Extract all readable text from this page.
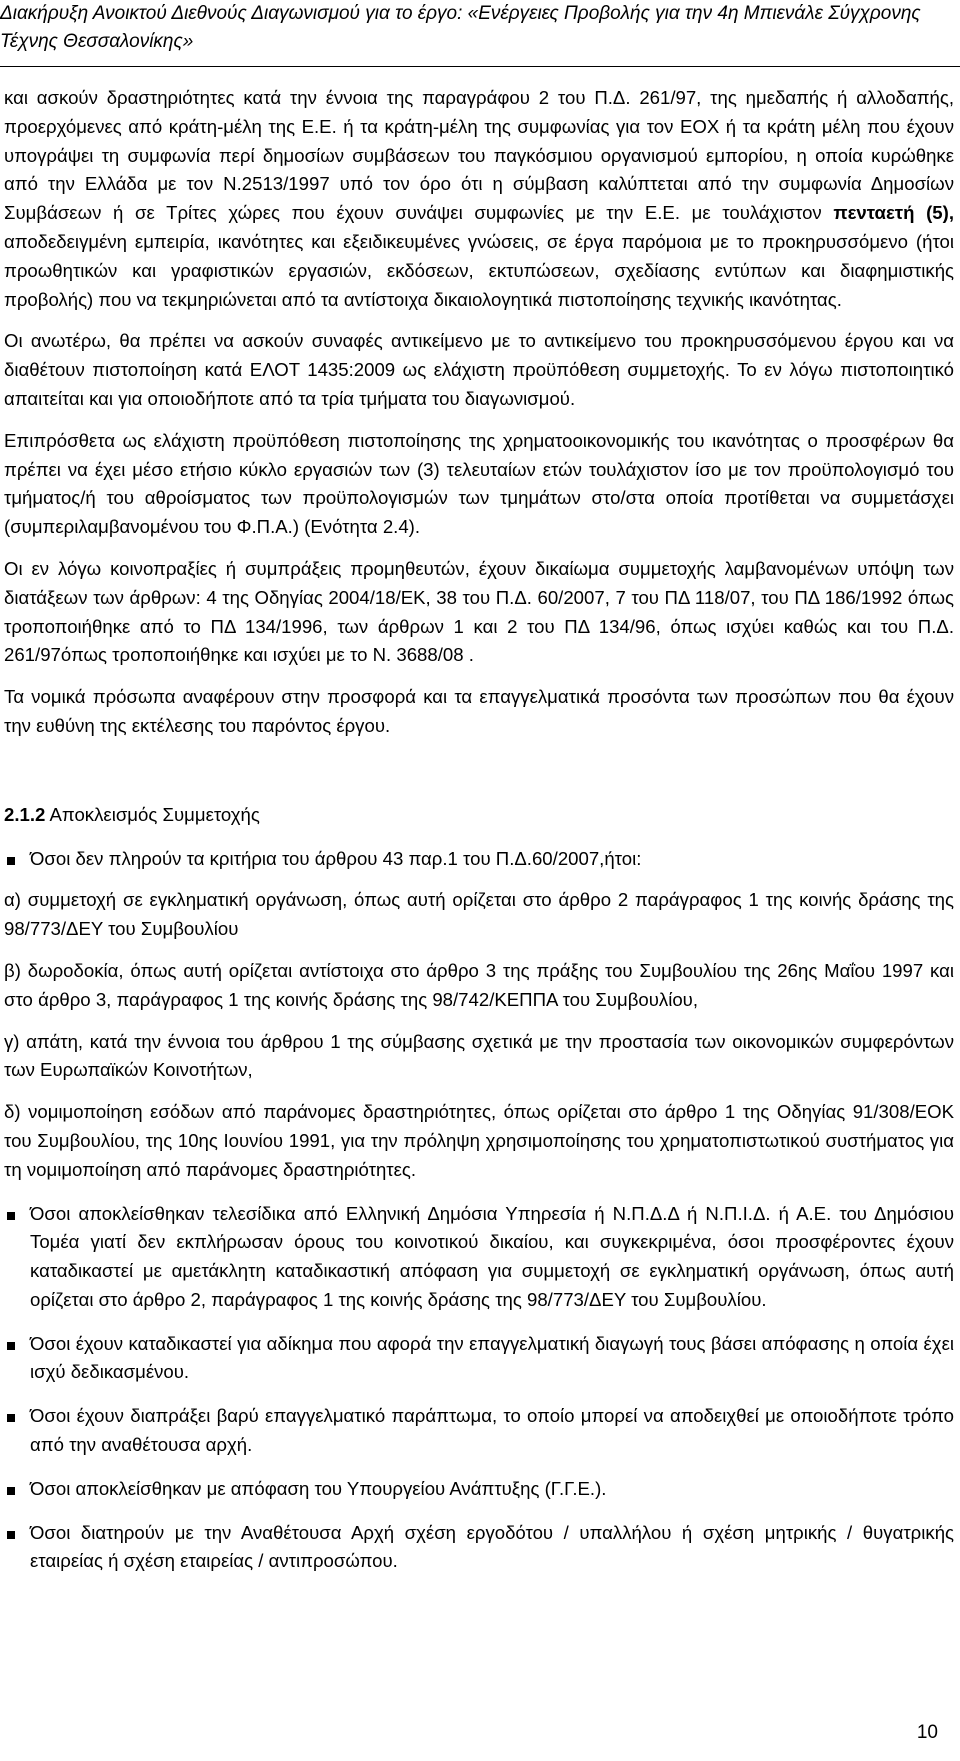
Διακήρυξη Ανοικτού Διεθνούς Διαγωνισμού για το έργο: «Ενέργειες Προβολής για την 4η Μπιενάλε Σύγχρονης Τέχνης Θεσσαλονίκης»

και ασκούν δραστηριότητες κατά την έννοια της παραγράφου 2 του Π.Δ. 261/97, της ημεδαπής ή αλλοδαπής, προερχόμενες από κράτη-μέλη της Ε.Ε. ή τα κράτη-μέλη της συμφωνίας για τον ΕΟΧ ή τα κράτη μέλη που έχουν υπογράψει τη συμφωνία περί δημοσίων συμβάσεων του παγκόσμιου οργανισμού εμπορίου, η οποία κυρώθηκε από την Ελλάδα με τον Ν.2513/1997 υπό τον όρο ότι η σύμβαση καλύπτεται από την συμφωνία Δημοσίων Συμβάσεων ή σε Τρίτες χώρες που έχουν συνάψει συμφωνίες με την Ε.Ε. με τουλάχιστον πενταετή (5), αποδεδειγμένη εμπειρία, ικανότητες και εξειδικευμένες γνώσεις, σε έργα παρόμοια με το προκηρυσσόμενο (ήτοι προωθητικών και γραφιστικών εργασιών, εκδόσεων, εκτυπώσεων, σχεδίασης εντύπων και διαφημιστικής προβολής) που να τεκμηριώνεται από τα αντίστοιχα δικαιολογητικά πιστοποίησης τεχνικής ικανότητας.

Οι ανωτέρω, θα πρέπει να ασκούν συναφές αντικείμενο με το αντικείμενο του προκηρυσσόμενου έργου και να διαθέτουν πιστοποίηση κατά ΕΛΟΤ 1435:2009 ως ελάχιστη προϋπόθεση συμμετοχής. Το εν λόγω πιστοποιητικό απαιτείται και για οποιοδήποτε από τα τρία τμήματα του διαγωνισμού.

Επιπρόσθετα ως ελάχιστη προϋπόθεση πιστοποίησης της χρηματοοικονομικής του ικανότητας ο προσφέρων θα πρέπει να έχει μέσο ετήσιο κύκλο εργασιών των (3) τελευταίων ετών τουλάχιστον ίσο με τον προϋπολογισμό του τμήματος/ή του αθροίσματος των προϋπολογισμών των τμημάτων στο/στα οποία προτίθεται να συμμετάσχει (συμπεριλαμβανομένου του Φ.Π.Α.) (Ενότητα 2.4).

Οι εν λόγω κοινοπραξίες ή συμπράξεις προμηθευτών, έχουν δικαίωμα συμμετοχής λαμβανομένων υπόψη των διατάξεων των άρθρων: 4 της Οδηγίας 2004/18/ΕΚ, 38 του Π.Δ. 60/2007, 7 του ΠΔ 118/07, του ΠΔ 186/1992 όπως τροποποιήθηκε από το ΠΔ 134/1996, των άρθρων 1 και 2 του ΠΔ 134/96, όπως ισχύει καθώς και του Π.Δ. 261/97όπως τροποποιήθηκε και ισχύει με το Ν. 3688/08 .

Τα νομικά πρόσωπα αναφέρουν στην προσφορά και τα επαγγελματικά προσόντα των προσώπων που θα έχουν την ευθύνη της εκτέλεσης του παρόντος έργου.

2.1.2 Αποκλεισμός Συμμετοχής

Όσοι δεν πληρούν τα κριτήρια του άρθρου 43 παρ.1 του Π.Δ.60/2007,ήτοι:

α) συμμετοχή σε εγκληματική οργάνωση, όπως αυτή ορίζεται στο άρθρο 2 παράγραφος 1 της κοινής δράσης της 98/773/ΔΕΥ του Συμβουλίου

β) δωροδοκία, όπως αυτή ορίζεται αντίστοιχα στο άρθρο 3 της πράξης του Συμβουλίου της 26ης Μαΐου 1997 και στο άρθρο 3, παράγραφος 1 της κοινής δράσης της 98/742/ΚΕΠΠΑ του Συμβουλίου,

γ) απάτη, κατά την έννοια του άρθρου 1 της σύμβασης σχετικά με την προστασία των οικονομικών συμφερόντων των Ευρωπαϊκών Κοινοτήτων,

δ) νομιμοποίηση εσόδων από παράνομες δραστηριότητες, όπως ορίζεται στο άρθρο 1 της Οδηγίας 91/308/ΕΟΚ του Συμβουλίου, της 10ης Ιουνίου 1991, για την πρόληψη χρησιμοποίησης του χρηματοπιστωτικού συστήματος για τη νομιμοποίηση από παράνομες δραστηριότητες.

Όσοι αποκλείσθηκαν τελεσίδικα από Ελληνική Δημόσια Υπηρεσία ή Ν.Π.Δ.Δ ή Ν.Π.Ι.Δ. ή Α.Ε. του Δημόσιου Τομέα γιατί δεν εκπλήρωσαν όρους του κοινοτικού δικαίου, και συγκεκριμένα, όσοι προσφέροντες έχουν καταδικαστεί με αμετάκλητη καταδικαστική απόφαση για συμμετοχή σε εγκληματική οργάνωση, όπως αυτή ορίζεται στο άρθρο 2, παράγραφος 1 της κοινής δράσης της 98/773/ΔΕΥ του Συμβουλίου.
Όσοι έχουν καταδικαστεί για αδίκημα που αφορά την επαγγελματική διαγωγή τους βάσει απόφασης η οποία έχει ισχύ δεδικασμένου.
Όσοι έχουν διαπράξει βαρύ επαγγελματικό παράπτωμα, το οποίο μπορεί να αποδειχθεί με οποιοδήποτε τρόπο από την αναθέτουσα αρχή.
Όσοι αποκλείσθηκαν με απόφαση του Υπουργείου Ανάπτυξης (Γ.Γ.Ε.).
Όσοι διατηρούν με την Αναθέτουσα Αρχή σχέση εργοδότου / υπαλλήλου ή σχέση μητρικής / θυγατρικής εταιρείας ή σχέση εταιρείας / αντιπροσώπου.
10
